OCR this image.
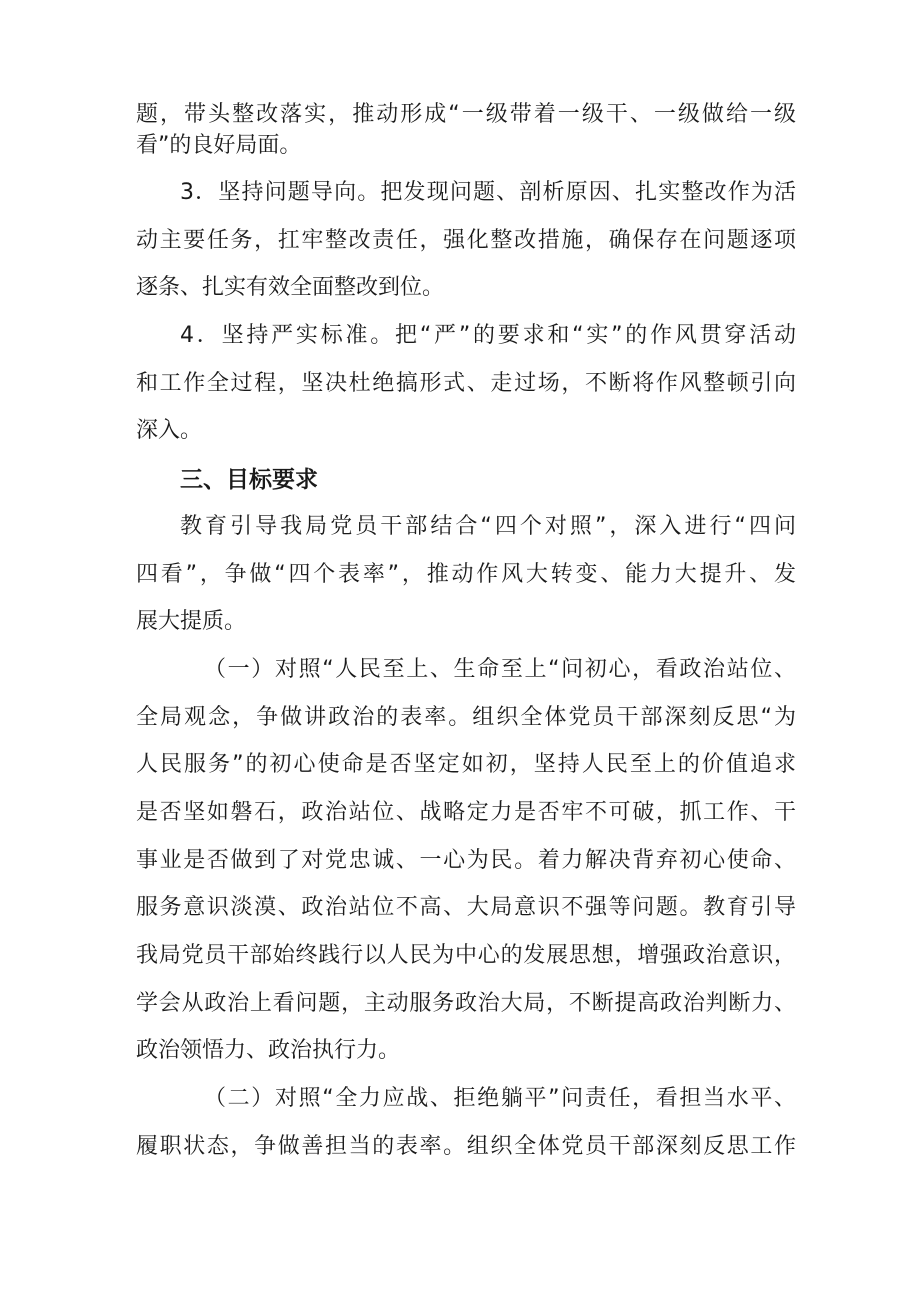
题，带头整改落实，推动形成“一级带着一级干、一级做给一级
看”的良好局面。
3．坚持问题导向。把发现问题、剖析原因、扎实整改作为活
动主要任务，扛牢整改责任，强化整改措施，确保存在问题逐项
逐条、扎实有效全面整改到位。
4．坚持严实标准。把“严”的要求和“实”的作风贯穿活动
和工作全过程，坚决杜绝搞形式、走过场，不断将作风整顿引向
深入。
三、目标要求
教育引导我局党员干部结合“四个对照”，深入进行“四问
四看”，争做“四个表率”，推动作风大转变、能力大提升、发
展大提质。
（一）对照“人民至上、生命至上“问初心，看政治站位、
全局观念，争做讲政治的表率。组织全体党员干部深刻反思“为
人民服务”的初心使命是否坚定如初，坚持人民至上的价值追求
是否坚如磐石，政治站位、战略定力是否牢不可破，抓工作、干
事业是否做到了对党忠诚、一心为民。着力解决背弃初心使命、
服务意识淡漠、政治站位不高、大局意识不强等问题。教育引导
我局党员干部始终践行以人民为中心的发展思想，增强政治意识，
学会从政治上看问题，主动服务政治大局，不断提高政治判断力、
政治领悟力、政治执行力。
（二）对照“全力应战、拒绝躺平”问责任，看担当水平、
履职状态，争做善担当的表率。组织全体党员干部深刻反思工作
